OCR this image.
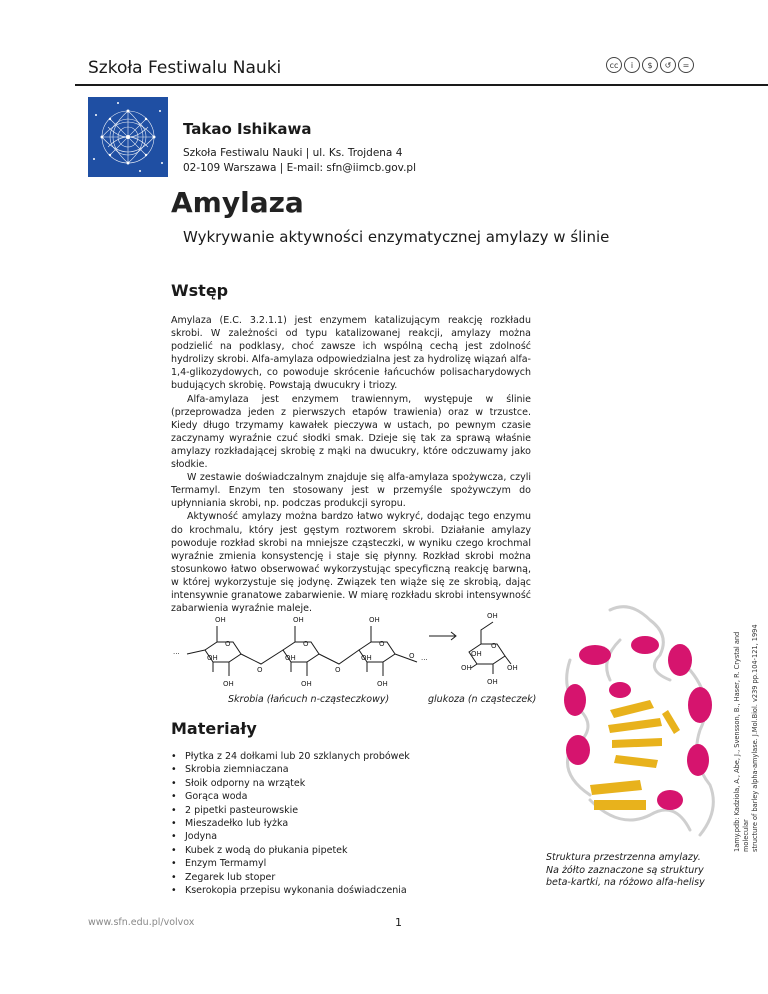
Szkoła Festiwalu Nauki	cc	i	$	↺	=
Takao Ishikawa
Szkoła Festiwalu Nauki | ul. Ks. Trojdena 4
02-109 Warszawa | E-mail: sfn@iimcb.gov.pl
Amylaza
Wykrywanie aktywności enzymatycznej amylazy w ślinie
Wstęp

Amylaza (E.C. 3.2.1.1) jest enzymem katalizującym reakcję rozkładu skrobi. W zależności od typu katalizowanej reakcji, amylazy można podzielić na podklasy, choć zawsze ich wspólną cechą jest zdolność hydrolizy skrobi. Alfa-amylaza odpowiedzialna jest za hydrolizę wiązań alfa-1,4-glikozydowych, co powoduje skrócenie łańcuchów polisacharydowych budujących skrobię. Powstają dwucukry i triozy.

Alfa-amylaza jest enzymem trawiennym, występuje w ślinie (przeprowadza jeden z pierwszych etapów trawienia) oraz w trzustce. Kiedy długo trzymamy kawałek pieczywa w ustach, po pewnym czasie zaczynamy wyraźnie czuć słodki smak. Dzieje się tak za sprawą właśnie amylazy rozkładającej skrobię z mąki na dwucukry, które odczuwamy jako słodkie.

W zestawie doświadczalnym znajduje się alfa-amylaza spożywcza, czyli Termamyl. Enzym ten stosowany jest w przemyśle spożywczym do upłynniania skrobi, np. podczas produkcji syropu.

Aktywność amylazy można bardzo łatwo wykryć, dodając tego enzymu do krochmalu, który jest gęstym roztworem skrobi. Działanie amylazy powoduje rozkład skrobi na mniejsze cząsteczki, w wyniku czego krochmal wyraźnie zmienia konsystencję i staje się płynny. Rozkład skrobi można stosunkowo łatwo obserwować wykorzystując specyficzną reakcję barwną, w której wykorzystuje się jodynę. Związek ten wiąże się ze skrobią, dając intensywnie granatowe zabarwienie. W miarę rozkładu skrobi intensywność zabarwienia wyraźnie maleje.

···
OH
O
OH
OH
O
OH
O
OH
OH
O
OH
O
OH
OH
O ···
OH
O
OH
OH	OH
OH
Skrobia (łańcuch n-cząsteczkowy)	glukoza (n cząsteczek)
Materiały
• Płytka z 24 dołkami lub 20 szklanych probówek
• Skrobia ziemniaczana
• Słoik odporny na wrzątek
• Gorąca woda
• 2 pipetki pasteurowskie
• Mieszadełko lub łyżka
• Jodyna
• Kubek z wodą do płukania pipetek
• Enzym Termamyl
• Zegarek lub stoper
• Kserokopia przepisu wykonania doświadczenia
1amy.pdb: Kadziola, A., Abe, J., Svensson, B., Haser, R. Crystal and molecular structure of barley alpha-amylase. J.Mol.Biol. v239 pp.104-121, 1994
Struktura przestrzenna amylazy.
Na żółto zaznaczone są struktury
beta-kartki, na różowo alfa-helisy
www.sfn.edu.pl/volvox	1
